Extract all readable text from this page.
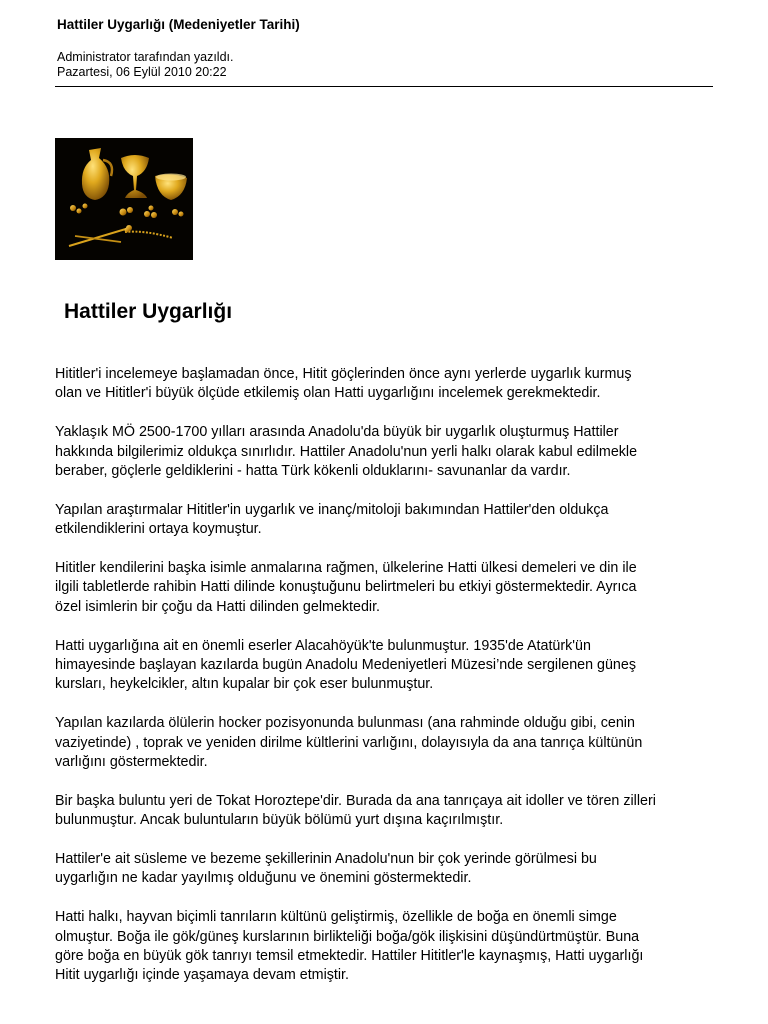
Hattiler Uygarlığı (Medeniyetler Tarihi)
Administrator tarafından yazıldı.
Pazartesi, 06 Eylül 2010 20:22
Hattiler Uygarlığı

Hititler'i incelemeye başlamadan önce, Hitit göçlerinden önce aynı yerlerde uygarlık kurmuş
olan ve Hititler'i büyük ölçüde etkilemiş olan Hatti uygarlığını incelemek gerekmektedir.

Yaklaşık MÖ 2500-1700 yılları arasında Anadolu'da büyük bir uygarlık oluşturmuş Hattiler
hakkında bilgilerimiz oldukça sınırlıdır. Hattiler Anadolu'nun yerli halkı olarak kabul edilmekle
beraber, göçlerle geldiklerini - hatta Türk kökenli olduklarını- savunanlar da vardır.

Yapılan araştırmalar Hititler'in uygarlık ve inanç/mitoloji bakımından Hattiler'den oldukça
etkilendiklerini ortaya koymuştur.

Hititler kendilerini başka isimle anmalarına rağmen, ülkelerine Hatti ülkesi demeleri ve din ile
ilgili tabletlerde rahibin Hatti dilinde konuştuğunu belirtmeleri bu etkiyi göstermektedir. Ayrıca
özel isimlerin bir çoğu da Hatti dilinden gelmektedir.

Hatti uygarlığına ait en önemli eserler Alacahöyük'te bulunmuştur. 1935'de Atatürk'ün
himayesinde başlayan kazılarda bugün Anadolu Medeniyetleri Müzesi’nde sergilenen güneş
kursları, heykelcikler, altın kupalar bir çok eser bulunmuştur.

Yapılan kazılarda ölülerin hocker pozisyonunda bulunması (ana rahminde olduğu gibi, cenin
vaziyetinde) , toprak ve yeniden dirilme kültlerini varlığını, dolayısıyla da ana tanrıça kültünün
varlığını göstermektedir.

Bir başka buluntu yeri de Tokat Horoztepe'dir. Burada da ana tanrıçaya ait idoller ve tören zilleri
bulunmuştur. Ancak buluntuların büyük bölümü yurt dışına kaçırılmıştır.

Hattiler'e ait süsleme ve bezeme şekillerinin Anadolu'nun bir çok yerinde görülmesi bu
uygarlığın ne kadar yayılmış olduğunu ve önemini göstermektedir.

Hatti halkı, hayvan biçimli tanrıların kültünü geliştirmiş, özellikle de boğa en önemli simge
olmuştur. Boğa ile gök/güneş kurslarının birlikteliği boğa/gök ilişkisini düşündürtmüştür. Buna
göre boğa en büyük gök tanrıyı temsil etmektedir. Hattiler Hititler'le kaynaşmış, Hatti uygarlığı
Hitit uygarlığı içinde yaşamaya devam etmiştir.
